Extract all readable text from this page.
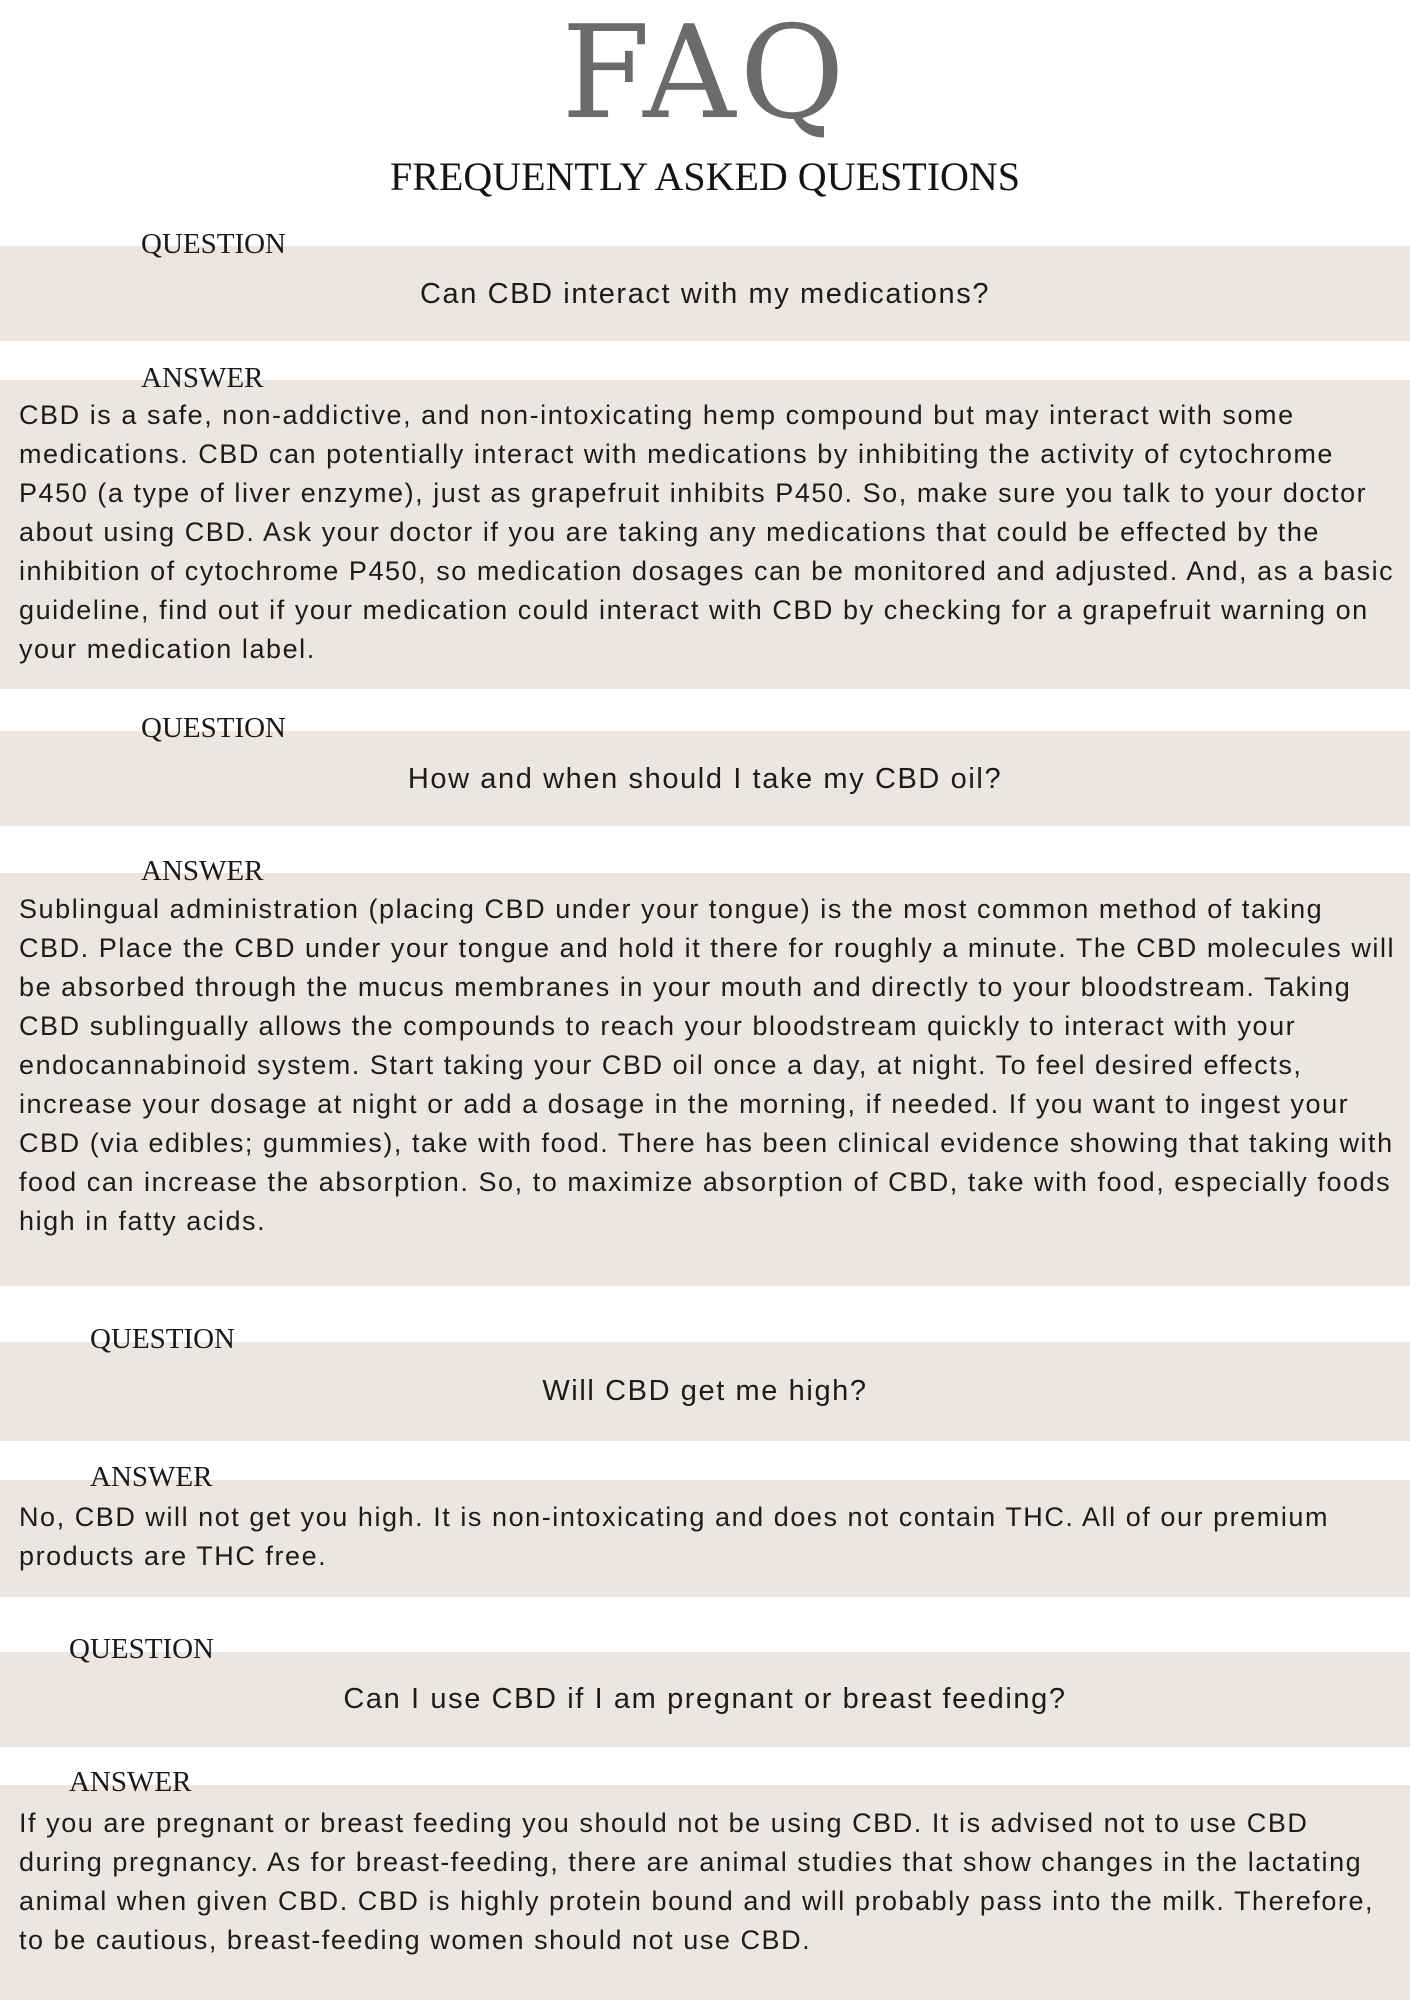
FAQ
FREQUENTLY ASKED QUESTIONS
QUESTION
Can CBD interact with my medications?
ANSWER

CBD is a safe, non-addictive, and non-intoxicating hemp compound but may interact with some medications. CBD can potentially interact with medications by inhibiting the activity of cytochrome P450 (a type of liver enzyme), just as grapefruit inhibits P450. So, make sure you talk to your doctor about using CBD. Ask your doctor if you are taking any medications that could be effected by the inhibition of cytochrome P450, so medication dosages can be monitored and adjusted. And, as a basic guideline, find out if your medication could interact with CBD by checking for a grapefruit warning on your medication label.

QUESTION
How and when should I take my CBD oil?
ANSWER

Sublingual administration (placing CBD under your tongue) is the most common method of taking CBD. Place the CBD under your tongue and hold it there for roughly a minute. The CBD molecules will be absorbed through the mucus membranes in your mouth and directly to your bloodstream. Taking CBD sublingually allows the compounds to reach your bloodstream quickly to interact with your endocannabinoid system. Start taking your CBD oil once a day, at night. To feel desired effects, increase your dosage at night or add a dosage in the morning, if needed. If you want to ingest your CBD (via edibles; gummies), take with food. There has been clinical evidence showing that taking with food can increase the absorption. So, to maximize absorption of CBD, take with food, especially foods high in fatty acids.

QUESTION
Will CBD get me high?
ANSWER

No, CBD will not get you high. It is non-intoxicating and does not contain THC. All of our premium products are THC free.

QUESTION
Can I use CBD if I am pregnant or breast feeding?
ANSWER

If you are pregnant or breast feeding you should not be using CBD. It is advised not to use CBD during pregnancy. As for breast-feeding, there are animal studies that show changes in the lactating animal when given CBD. CBD is highly protein bound and will probably pass into the milk. Therefore, to be cautious, breast-feeding women should not use CBD.
